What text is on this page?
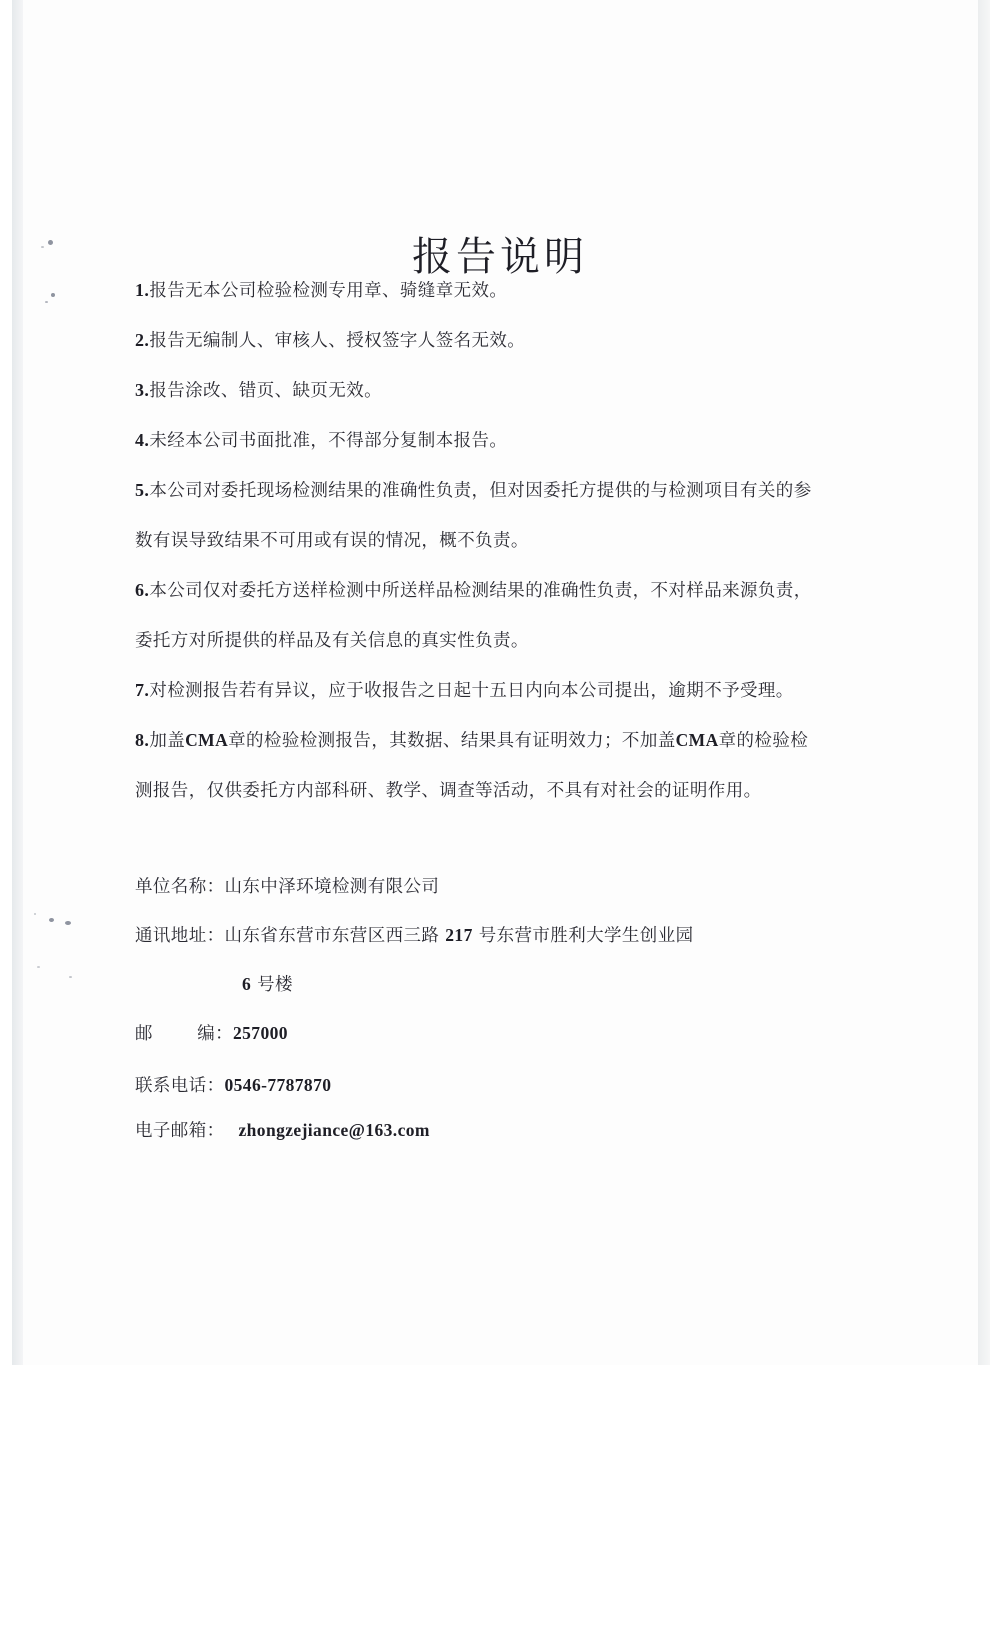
报告说明
1.报告无本公司检验检测专用章、骑缝章无效。
2.报告无编制人、审核人、授权签字人签名无效。
3.报告涂改、错页、缺页无效。
4.未经本公司书面批准，不得部分复制本报告。
5.本公司对委托现场检测结果的准确性负责，但对因委托方提供的与检测项目有关的参
数有误导致结果不可用或有误的情况，概不负责。
6.本公司仅对委托方送样检测中所送样品检测结果的准确性负责，不对样品来源负责，
委托方对所提供的样品及有关信息的真实性负责。
7.对检测报告若有异议，应于收报告之日起十五日内向本公司提出，逾期不予受理。
8.加盖CMA章的检验检测报告，其数据、结果具有证明效力；不加盖CMA章的检验检
测报告，仅供委托方内部科研、教学、调查等活动，不具有对社会的证明作用。
单位名称：山东中泽环境检测有限公司
通讯地址：山东省东营市东营区西三路 217 号东营市胜利大学生创业园
6 号楼
邮	编： 257000
联系电话：0546-7787870
电子邮箱： zhongzejiance@163.com
